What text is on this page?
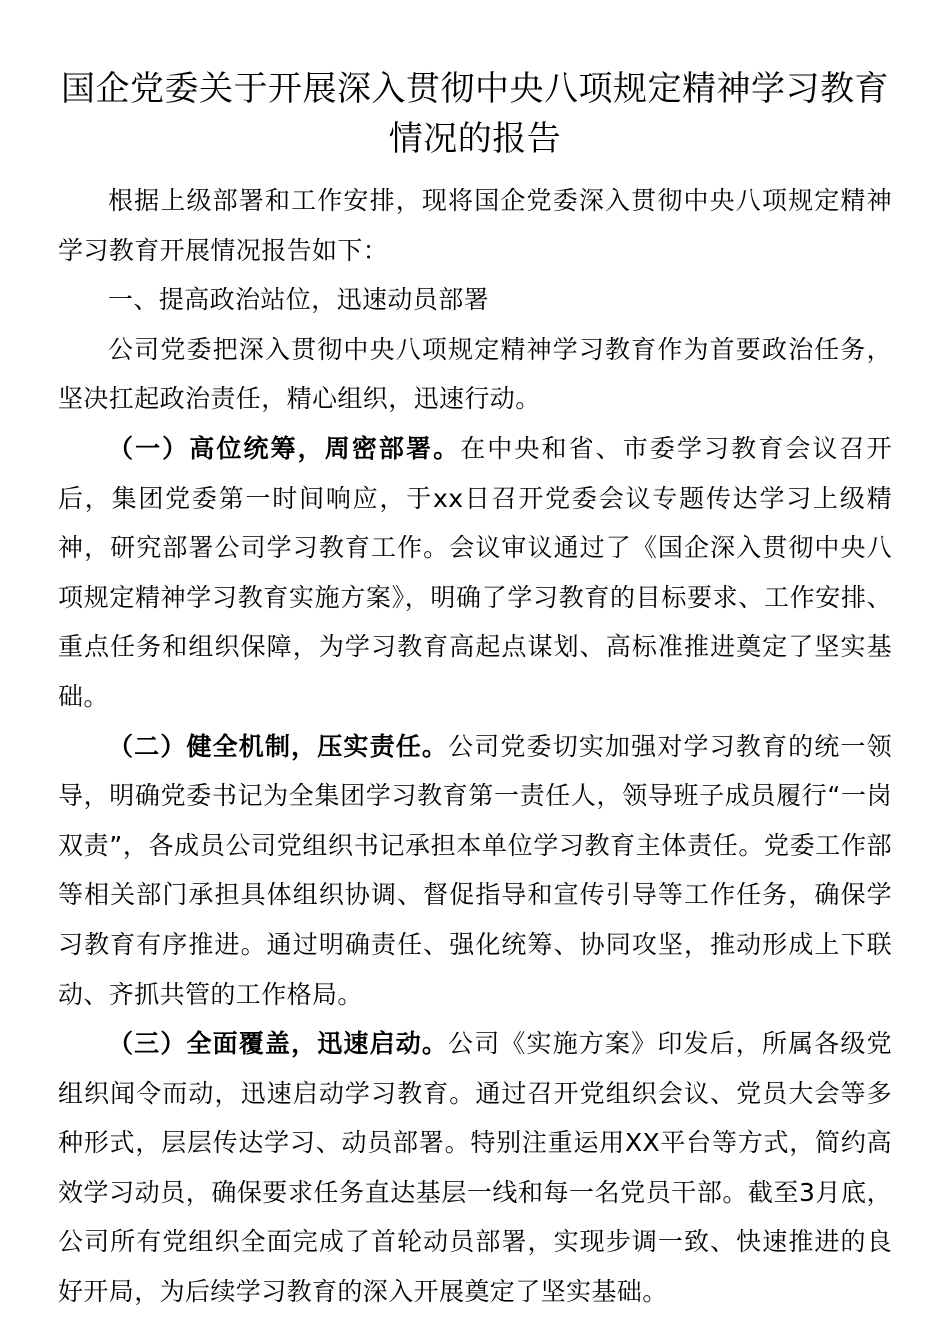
国企党委关于开展深入贯彻中央八项规定精神学习教育情况的报告

根据上级部署和工作安排，现将国企党委深入贯彻中央八项规定精神学习教育开展情况报告如下：

一、提高政治站位，迅速动员部署

公司党委把深入贯彻中央八项规定精神学习教育作为首要政治任务，坚决扛起政治责任，精心组织，迅速行动。

（一）高位统筹，周密部署。在中央和省、市委学习教育会议召开后，集团党委第一时间响应，于xx日召开党委会议专题传达学习上级精神，研究部署公司学习教育工作。会议审议通过了《国企深入贯彻中央八项规定精神学习教育实施方案》，明确了学习教育的目标要求、工作安排、重点任务和组织保障，为学习教育高起点谋划、高标准推进奠定了坚实基础。

（二）健全机制，压实责任。公司党委切实加强对学习教育的统一领导，明确党委书记为全集团学习教育第一责任人，领导班子成员履行“一岗双责”，各成员公司党组织书记承担本单位学习教育主体责任。党委工作部等相关部门承担具体组织协调、督促指导和宣传引导等工作任务，确保学习教育有序推进。通过明确责任、强化统筹、协同攻坚，推动形成上下联动、齐抓共管的工作格局。

（三）全面覆盖，迅速启动。公司《实施方案》印发后，所属各级党组织闻令而动，迅速启动学习教育。通过召开党组织会议、党员大会等多种形式，层层传达学习、动员部署。特别注重运用XX平台等方式，简约高效学习动员，确保要求任务直达基层一线和每一名党员干部。截至3月底，公司所有党组织全面完成了首轮动员部署，实现步调一致、快速推进的良好开局，为后续学习教育的深入开展奠定了坚实基础。
